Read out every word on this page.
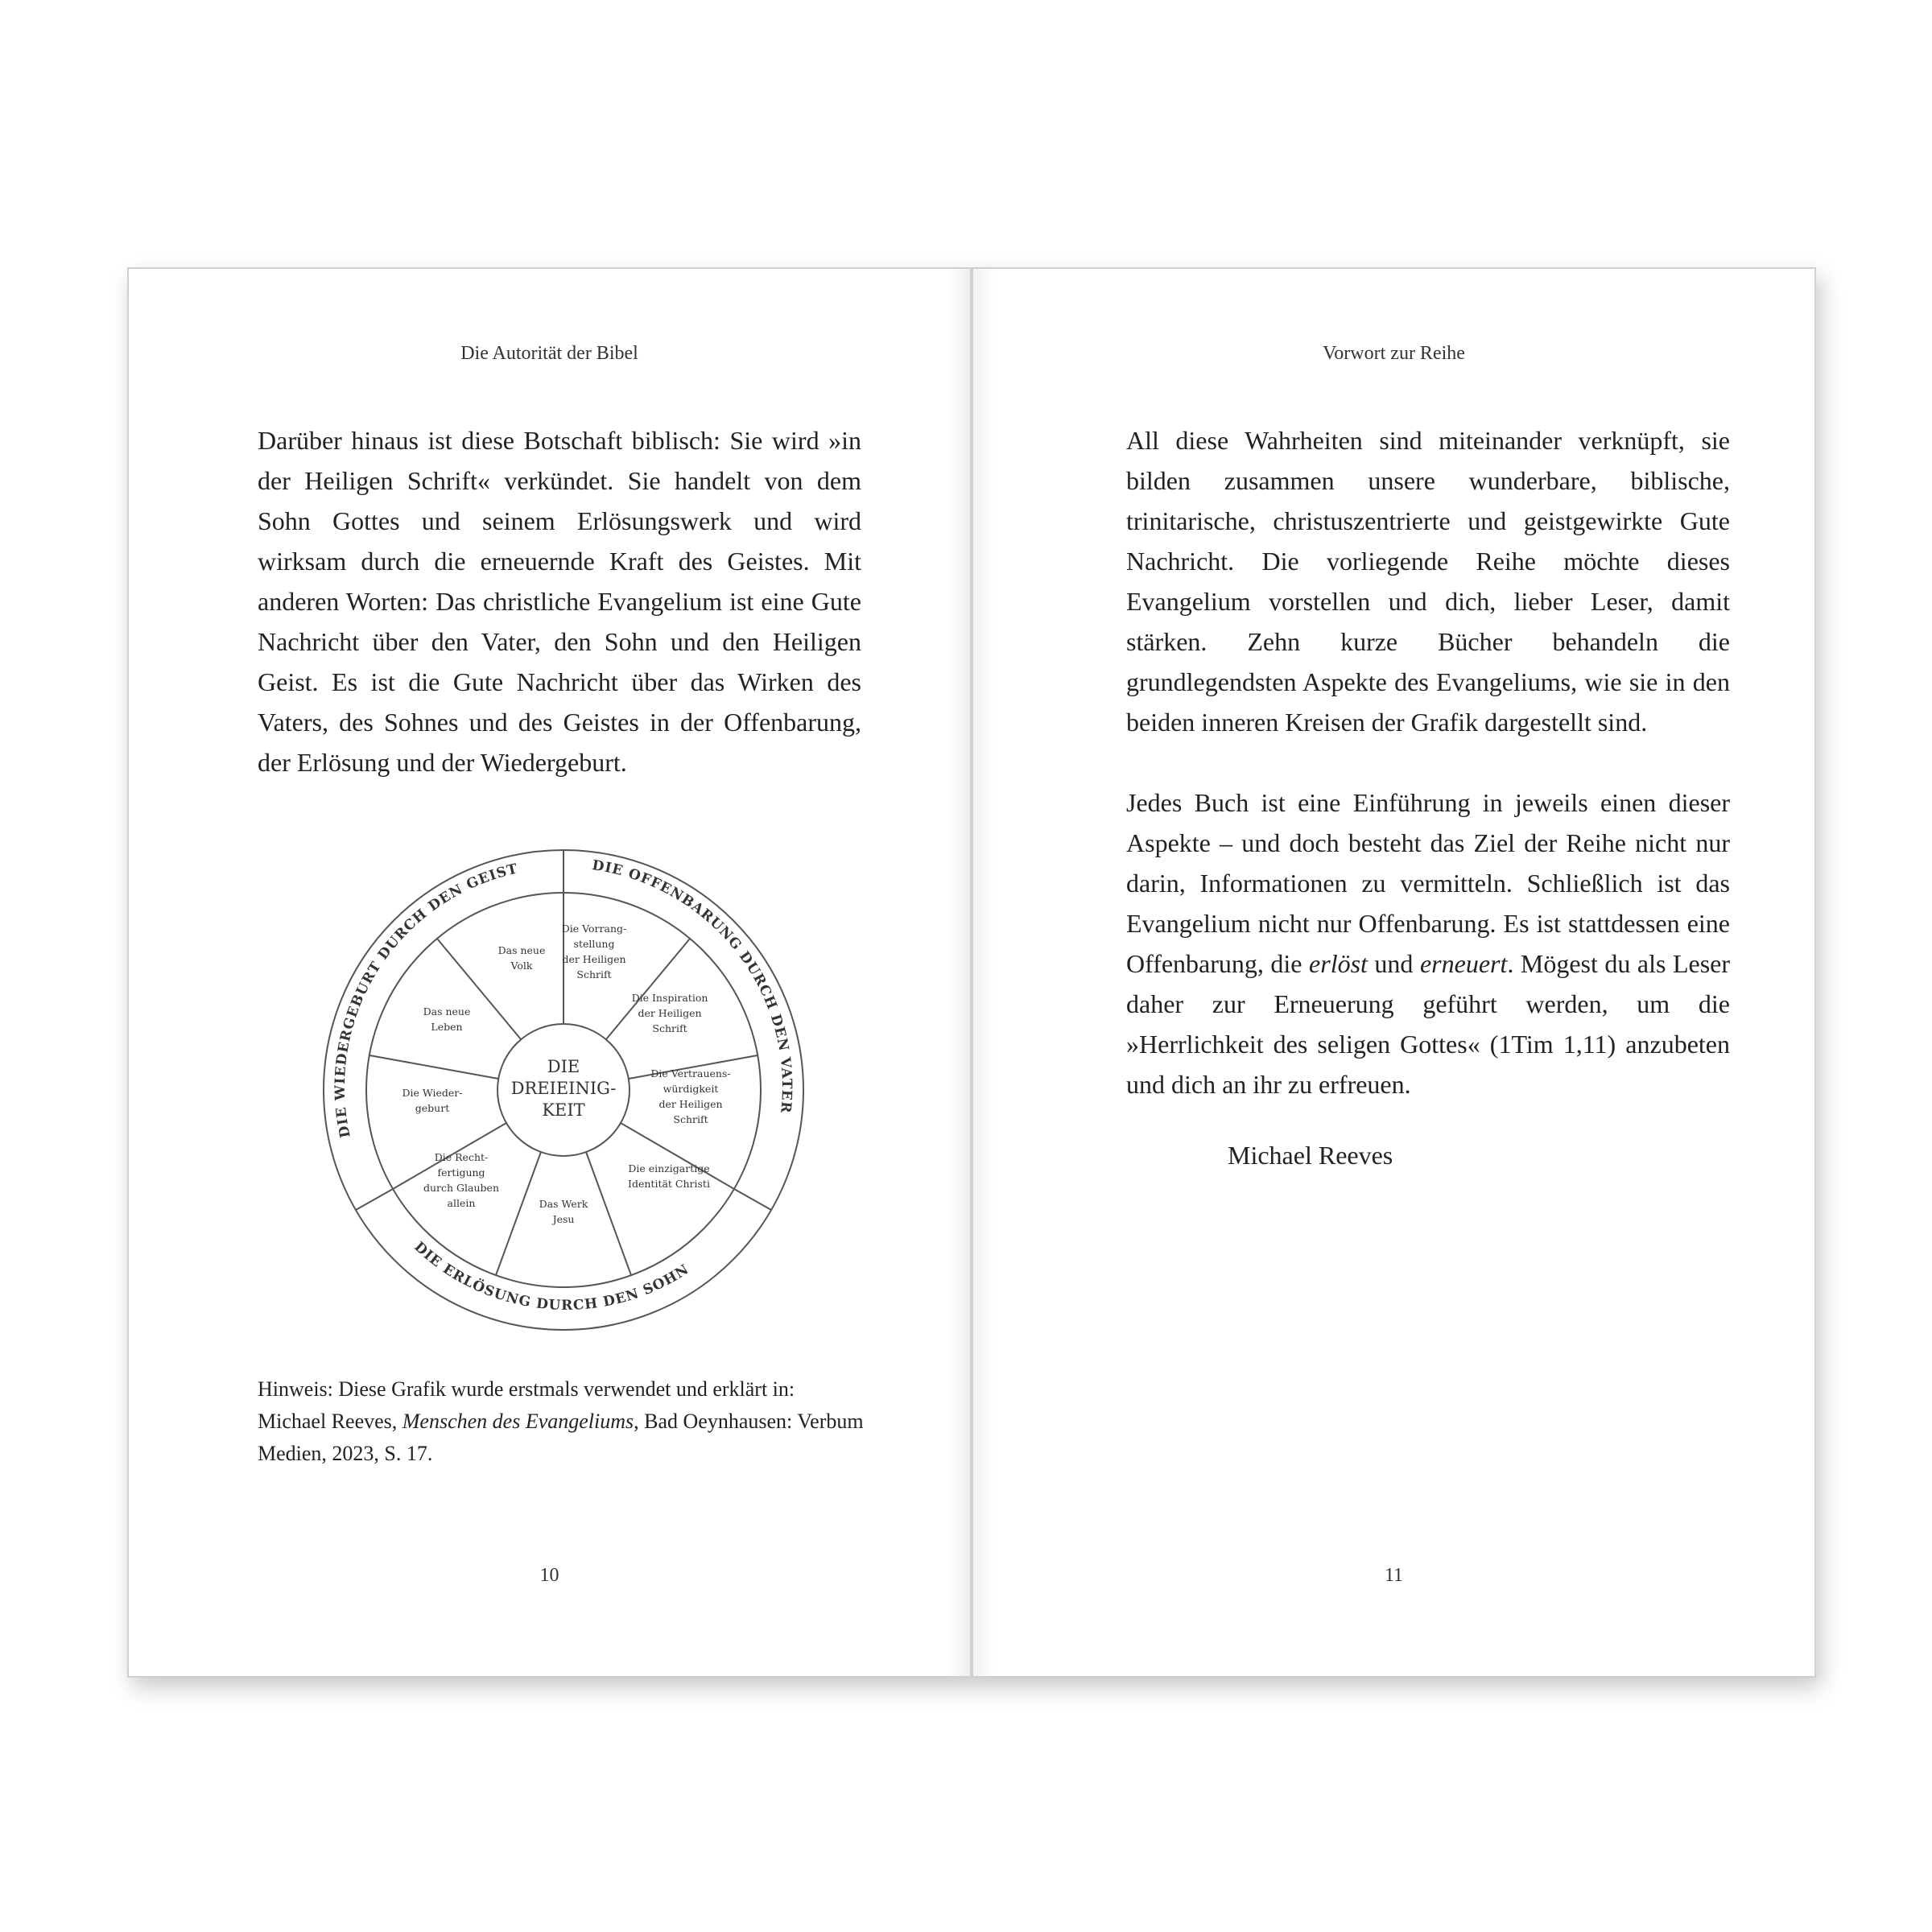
Die Autorität der Bibel

Darüber hinaus ist diese Botschaft biblisch: Sie wird »in der Heiligen Schrift« verkündet. Sie handelt von dem Sohn Gottes und seinem Erlösungswerk und wird wirksam durch die erneuernde Kraft des Geistes. Mit anderen Worten: Das christliche Evangelium ist eine Gute Nachricht über den Vater, den Sohn und den Heiligen Geist. Es ist die Gute Nachricht über das Wirken des Vaters, des Sohnes und des Geistes in der Offenbarung, der Erlösung und der Wiedergeburt.

DIE OFFENBARUNG DURCH DEN VATER
DIE ERLÖSUNG DURCH DEN SOHN
DIE WIEDERGEBURT DURCH DEN GEIST
DIE
DREIEINIG-
KEIT
Die Vorrang-
stellung
der Heiligen
Schrift
Die Inspiration
der Heiligen
Schrift
Die Vertrauens-
würdigkeit
der Heiligen
Schrift
Die einzigartige
Identität Christi
Das Werk
Jesu
Die Recht-
fertigung
durch Glauben
allein
Die Wieder-
geburt
Das neue
Leben
Das neue
Volk
Hinweis: Diese Grafik wurde erstmals verwendet und erklärt in:
Michael Reeves, Menschen des Evangeliums, Bad Oeynhausen: Verbum Medien, 2023, S. 17.
10
Vorwort zur Reihe

All diese Wahrheiten sind miteinander verknüpft, sie bilden zusammen unsere wunderbare, biblische, trinitarische, christuszentrierte und geistgewirkte Gute Nachricht. Die vorliegende Reihe möchte dieses Evangelium vorstellen und dich, lieber Leser, damit stärken. Zehn kurze Bücher behandeln die grundlegendsten Aspekte des Evangeliums, wie sie in den beiden inneren Kreisen der Grafik dargestellt sind.

Jedes Buch ist eine Einführung in jeweils einen dieser Aspekte – und doch besteht das Ziel der Reihe nicht nur darin, Informationen zu vermitteln. Schließlich ist das Evangelium nicht nur Offenbarung. Es ist stattdessen eine Offenbarung, die erlöst und erneuert. Mögest du als Leser daher zur Erneuerung geführt werden, um die »Herrlichkeit des seligen Gottes« (1Tim 1,11) anzubeten und dich an ihr zu erfreuen.

Michael Reeves
11
